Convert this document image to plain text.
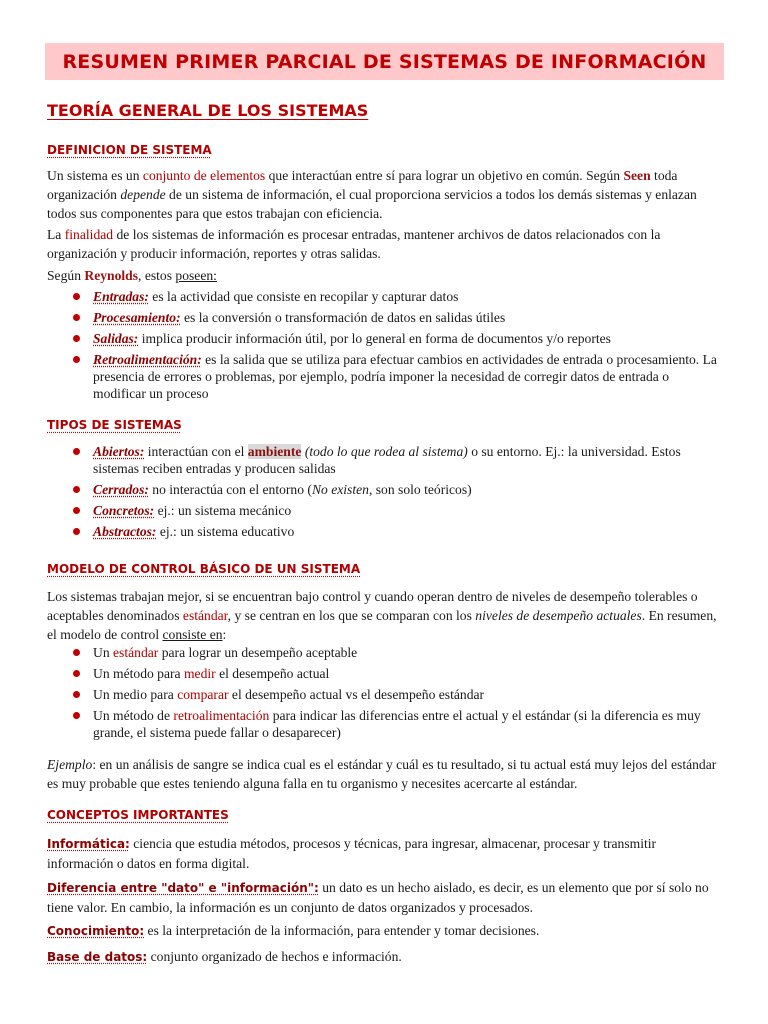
RESUMEN PRIMER PARCIAL DE SISTEMAS DE INFORMACIÓN
TEORÍA GENERAL DE LOS SISTEMAS
DEFINICION DE SISTEMA

Un sistema es un conjunto de elementos que interactúan entre sí para lograr un objetivo en común. Según Seen toda organización depende de un sistema de información, el cual proporciona servicios a todos los demás sistemas y enlazan todos sus componentes para que estos trabajan con eficiencia.

La finalidad de los sistemas de información es procesar entradas, mantener archivos de datos relacionados con la organización y producir información, reportes y otras salidas.

Según Reynolds, estos poseen:

Entradas: es la actividad que consiste en recopilar y capturar datos
Procesamiento: es la conversión o transformación de datos en salidas útiles
Salidas: implica producir información útil, por lo general en forma de documentos y/o reportes
Retroalimentación: es la salida que se utiliza para efectuar cambios en actividades de entrada o procesamiento. La presencia de errores o problemas, por ejemplo, podría imponer la necesidad de corregir datos de entrada o modificar un proceso
TIPOS DE SISTEMAS
Abiertos: interactúan con el ambiente (todo lo que rodea al sistema) o su entorno. Ej.: la universidad. Estos sistemas reciben entradas y producen salidas
Cerrados: no interactúa con el entorno (No existen, son solo teóricos)
Concretos: ej.: un sistema mecánico
Abstractos: ej.: un sistema educativo
MODELO DE CONTROL BÁSICO DE UN SISTEMA

Los sistemas trabajan mejor, si se encuentran bajo control y cuando operan dentro de niveles de desempeño tolerables o aceptables denominados estándar, y se centran en los que se comparan con los niveles de desempeño actuales. En resumen, el modelo de control consiste en:

Un estándar para lograr un desempeño aceptable
Un método para medir el desempeño actual
Un medio para comparar el desempeño actual vs el desempeño estándar
Un método de retroalimentación para indicar las diferencias entre el actual y el estándar (si la diferencia es muy grande, el sistema puede fallar o desaparecer)

Ejemplo: en un análisis de sangre se indica cual es el estándar y cuál es tu resultado, si tu actual está muy lejos del estándar es muy probable que estes teniendo alguna falla en tu organismo y necesites acercarte al estándar.

CONCEPTOS IMPORTANTES

Informática: ciencia que estudia métodos, procesos y técnicas, para ingresar, almacenar, procesar y transmitir información o datos en forma digital.

Diferencia entre "dato" e "información": un dato es un hecho aislado, es decir, es un elemento que por sí solo no tiene valor. En cambio, la información es un conjunto de datos organizados y procesados.

Conocimiento: es la interpretación de la información, para entender y tomar decisiones.

Base de datos: conjunto organizado de hechos e información.
